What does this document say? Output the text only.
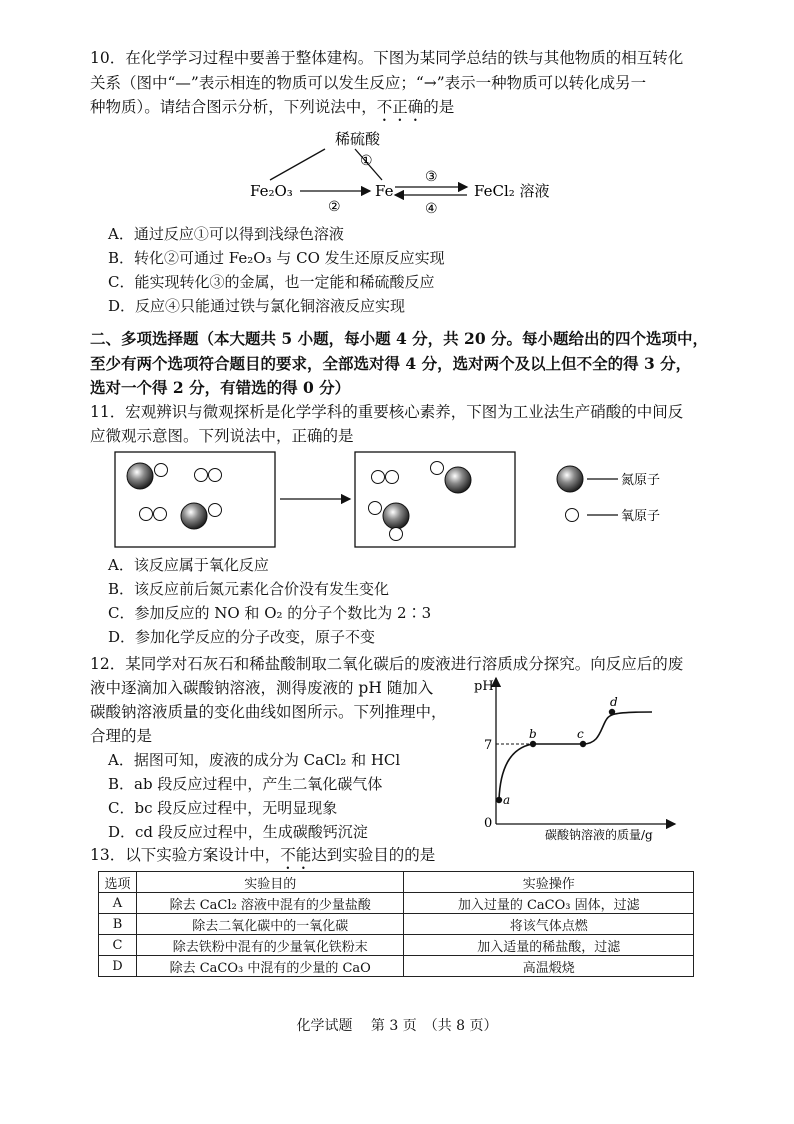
10．在化学学习过程中要善于整体建构。下图为某同学总结的铁与其他物质的相互转化
关系（图中“—”表示相连的物质可以发生反应；“→”表示一种物质可以转化成另一
种物质）。请结合图示分析，下列说法中，不正确的是
稀硫酸
①
Fe₂O₃
②
Fe
③
④
FeCl₂ 溶液
A．通过反应①可以得到浅绿色溶液
B．转化②可通过 Fe₂O₃ 与 CO 发生还原反应实现
C．能实现转化③的金属，也一定能和稀硫酸反应
D．反应④只能通过铁与氯化铜溶液反应实现
二、多项选择题（本大题共 5 小题，每小题 4 分，共 20 分。每小题给出的四个选项中，
至少有两个选项符合题目的要求，全部选对得 4 分，选对两个及以上但不全的得 3 分，
选对一个得 2 分，有错选的得 0 分）
11．宏观辨识与微观探析是化学学科的重要核心素养，下图为工业法生产硝酸的中间反
应微观示意图。下列说法中，正确的是
氮原子
氧原子
A．该反应属于氧化反应
B．该反应前后氮元素化合价没有发生变化
C．参加反应的 NO 和 O₂ 的分子个数比为 2∶3
D．参加化学反应的分子改变，原子不变
12．某同学对石灰石和稀盐酸制取二氧化碳后的废液进行溶质成分探究。向反应后的废
液中逐滴加入碳酸钠溶液，测得废液的 pH 随加入
碳酸钠溶液质量的变化曲线如图所示。下列推理中，
合理的是
A．据图可知，废液的成分为 CaCl₂ 和 HCl
B．ab 段反应过程中，产生二氧化碳气体
C．bc 段反应过程中，无明显现象
D．cd 段反应过程中，生成碳酸钙沉淀
pH
0
7
a
b	c
d
碳酸钠溶液的质量/g
13．以下实验方案设计中，不能达到实验目的的是
选项	实验目的	实验操作
A	除去 CaCl₂ 溶液中混有的少量盐酸	加入过量的 CaCO₃ 固体，过滤
B	除去二氧化碳中的一氧化碳	将该气体点燃
C	除去铁粉中混有的少量氧化铁粉末	加入适量的稀盐酸，过滤
D	除去 CaCO₃ 中混有的少量的 CaO	高温煅烧
化学试题　 第 3 页　（共 8 页）
